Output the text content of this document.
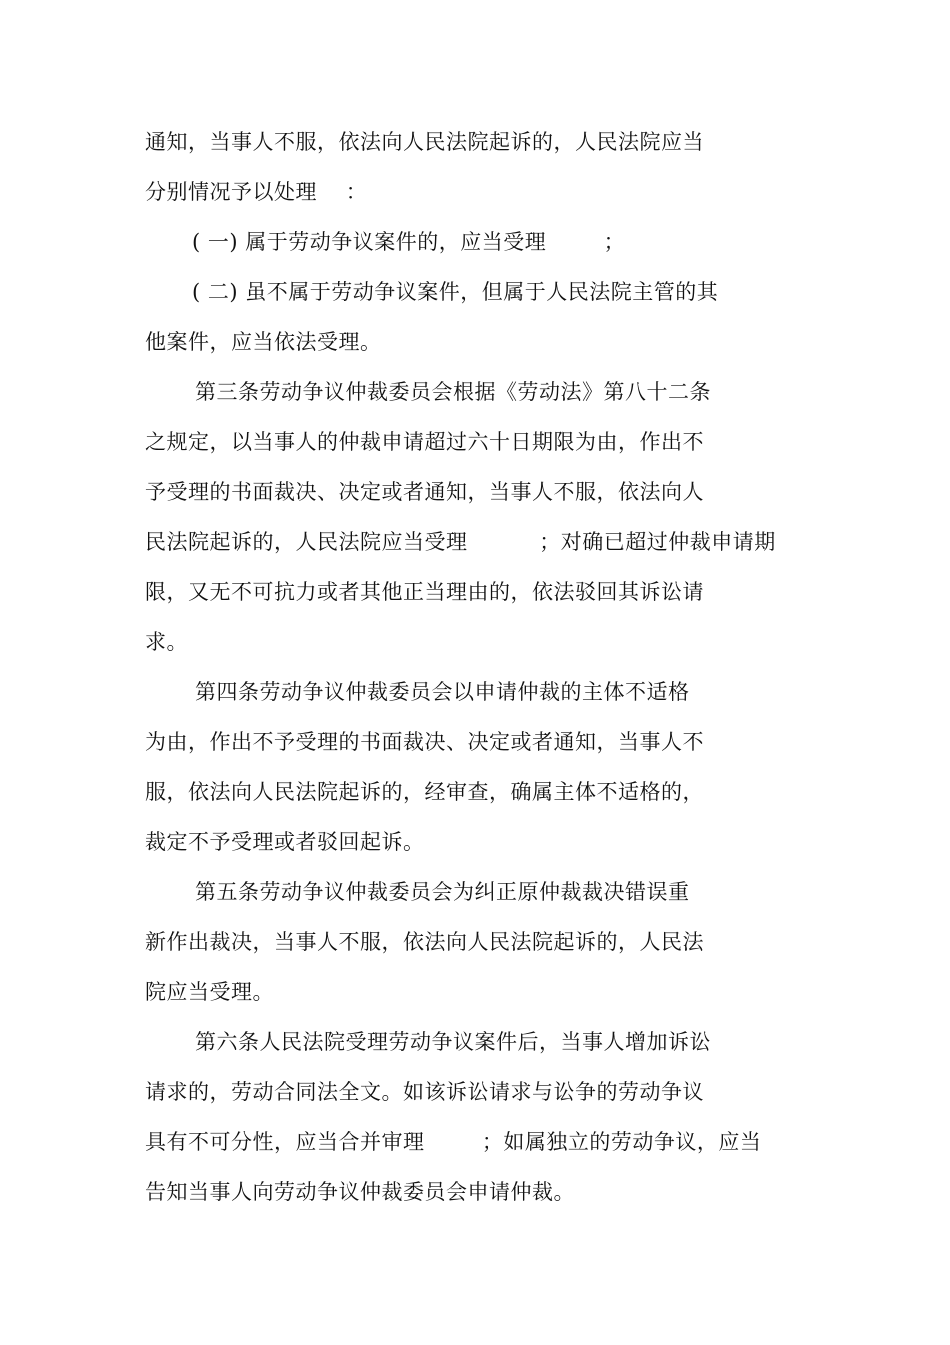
通知，当事人不服，依法向人民法院起诉的，人民法院应当
分别情况予以处理    ：
( 一) 属于劳动争议案件的，应当受理        ；
( 二) 虽不属于劳动争议案件，但属于人民法院主管的其
他案件，应当依法受理。
第三条劳动争议仲裁委员会根据《劳动法》第八十二条
之规定，以当事人的仲裁申请超过六十日期限为由，作出不
予受理的书面裁决、决定或者通知，当事人不服，依法向人
民法院起诉的，人民法院应当受理          ；对确已超过仲裁申请期
限，又无不可抗力或者其他正当理由的，依法驳回其诉讼请
求。
第四条劳动争议仲裁委员会以申请仲裁的主体不适格
为由，作出不予受理的书面裁决、决定或者通知，当事人不
服，依法向人民法院起诉的，经审查，确属主体不适格的，
裁定不予受理或者驳回起诉。
第五条劳动争议仲裁委员会为纠正原仲裁裁决错误重
新作出裁决，当事人不服，依法向人民法院起诉的，人民法
院应当受理。
第六条人民法院受理劳动争议案件后，当事人增加诉讼
请求的，劳动合同法全文。如该诉讼请求与讼争的劳动争议
具有不可分性，应当合并审理        ；如属独立的劳动争议，应当
告知当事人向劳动争议仲裁委员会申请仲裁。
